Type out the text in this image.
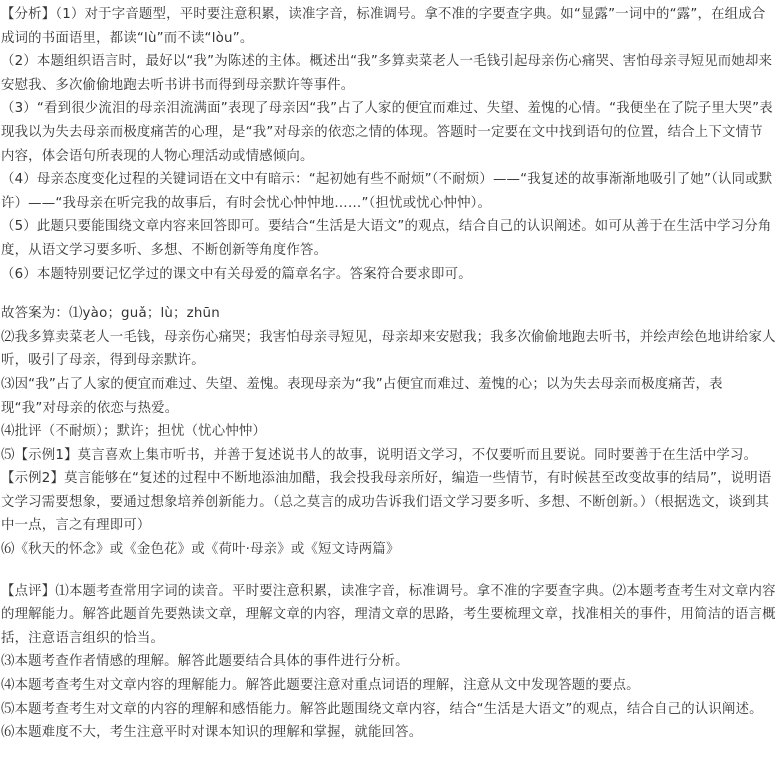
【分析】（1）对于字音题型，平时要注意积累，读准字音，标准调号。拿不准的字要查字典。如“显露”一词中的“露”，在组成合成词的书面语里，都读“lù”而不读“lòu”。

（2）本题组织语言时，最好以“我”为陈述的主体。概述出“我”多算卖菜老人一毛钱引起母亲伤心痛哭、害怕母亲寻短见而她却来安慰我、多次偷偷地跑去听书讲书而得到母亲默许等事件。

（3）“看到很少流泪的母亲泪流满面”表现了母亲因“我”占了人家的便宜而难过、失望、羞愧的心情。“我便坐在了院子里大哭”表现我以为失去母亲而极度痛苦的心理，是“我”对母亲的依恋之情的体现。答题时一定要在文中找到语句的位置，结合上下文情节内容，体会语句所表现的人物心理活动或情感倾向。

（4）母亲态度变化过程的关键词语在文中有暗示：“起初她有些不耐烦”（不耐烦）——“我复述的故事渐渐地吸引了她”（认同或默许）——“我母亲在听完我的故事后，有时会忧心忡忡地……”（担忧或忧心忡忡）。

（5）此题只要能围绕文章内容来回答即可。要结合“生活是大语文”的观点，结合自己的认识阐述。如可从善于在生活中学习分角度，从语文学习要多听、多想、不断创新等角度作答。

（6）本题特别要记忆学过的课文中有关母爱的篇章名字。答案符合要求即可。

故答案为：⑴yào；guǎ；lù；zhūn

⑵我多算卖菜老人一毛钱，母亲伤心痛哭；我害怕母亲寻短见，母亲却来安慰我；我多次偷偷地跑去听书，并绘声绘色地讲给家人听，吸引了母亲，得到母亲默许。

⑶因“我”占了人家的便宜而难过、失望、羞愧。表现母亲为“我”占便宜而难过、羞愧的心；以为失去母亲而极度痛苦，表现“我”对母亲的依恋与热爱。

⑷批评（不耐烦）；默许；担忧（忧心忡忡）

⑸【示例1】莫言喜欢上集市听书，并善于复述说书人的故事，说明语文学习，不仅要听而且要说。同时要善于在生活中学习。【示例2】莫言能够在“复述的过程中不断地添油加醋，我会投我母亲所好，编造一些情节，有时候甚至改变故事的结局”，说明语文学习需要想象，要通过想象培养创新能力。（总之莫言的成功告诉我们语文学习要多听、多想、不断创新。）（根据选文，谈到其中一点，言之有理即可）

⑹《秋天的怀念》或《金色花》或《荷叶·母亲》或《短文诗两篇》

【点评】⑴本题考查常用字词的读音。平时要注意积累，读准字音，标准调号。拿不准的字要查字典。⑵本题考查考生对文章内容的理解能力。解答此题首先要熟读文章，理解文章的内容，理清文章的思路，考生要梳理文章，找准相关的事件，用简洁的语言概括，注意语言组织的恰当。

⑶本题考查作者情感的理解。解答此题要结合具体的事件进行分析。

⑷本题考查考生对文章内容的理解能力。解答此题要注意对重点词语的理解，注意从文中发现答题的要点。

⑸本题考查考生对文章的内容的理解和感悟能力。解答此题围绕文章内容，结合“生活是大语文”的观点，结合自己的认识阐述。

⑹本题难度不大，考生注意平时对课本知识的理解和掌握，就能回答。
